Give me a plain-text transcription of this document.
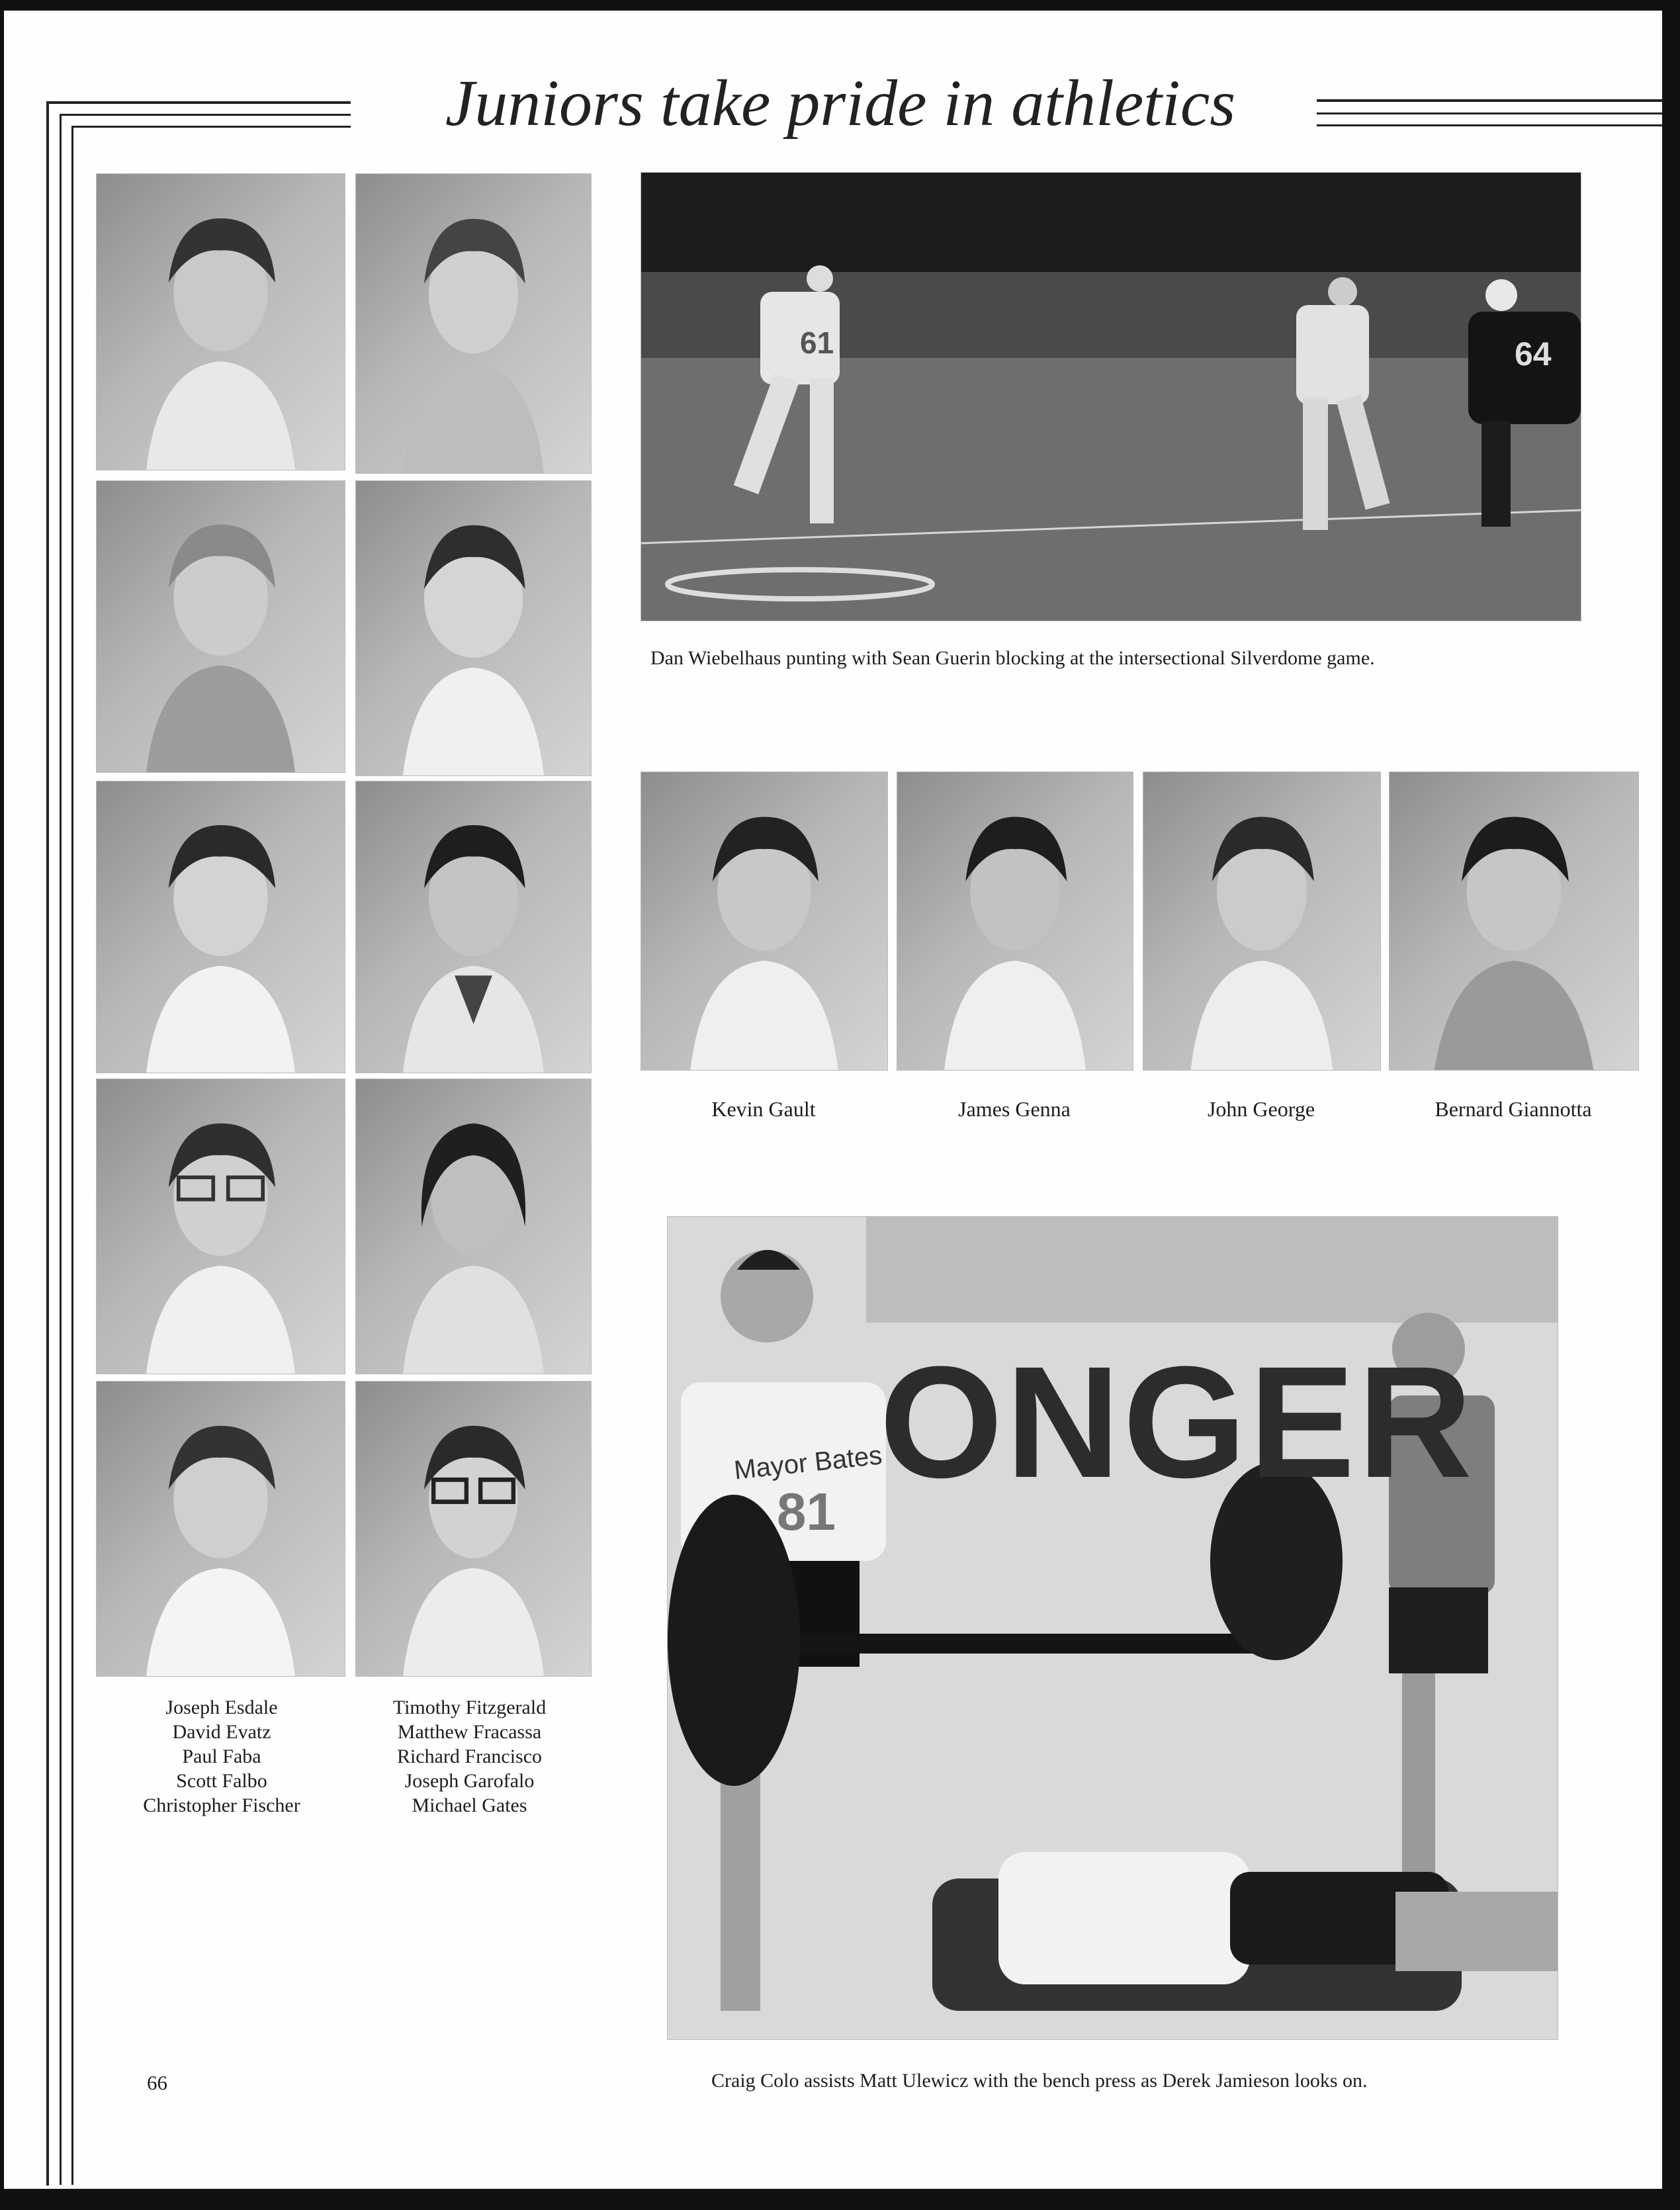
Juniors take pride in athletics
Joseph Esdale
David Evatz
Paul Faba
Scott Falbo
Christopher Fischer
Timothy Fitzgerald
Matthew Fracassa
Richard Francisco
Joseph Garofalo
Michael Gates
61	64
Dan Wiebelhaus punting with Sean Guerin blocking at the intersectional Silverdome game.
Kevin Gault	James Genna	John George	Bernard Giannotta
ONGER
Mayor Bates
81
Craig Colo assists Matt Ulewicz with the bench press as Derek Jamieson looks on.
66
